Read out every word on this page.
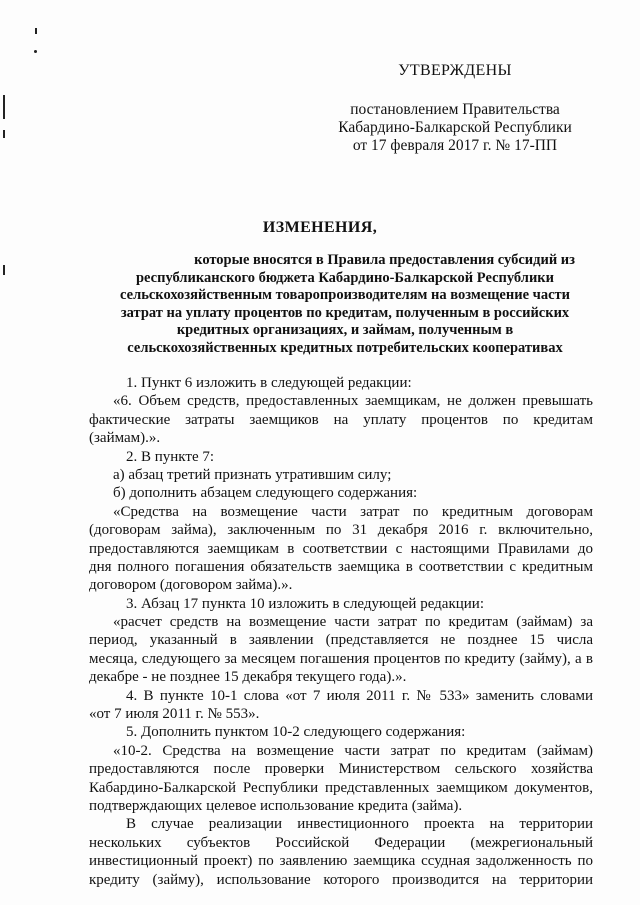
УТВЕРЖДЕНЫ
постановлением Правительства
Кабардино-Балкарской Республики
от 17 февраля 2017 г. № 17-ПП
ИЗМЕНЕНИЯ,
которые вносятся в Правила предоставления субсидий из
республиканского бюджета Кабардино-Балкарской Республики
сельскохозяйственным товаропроизводителям на возмещение части
затрат на уплату процентов по кредитам, полученным в российских
кредитных организациях, и займам, полученным в
сельскохозяйственных кредитных потребительских кооперативах
1. Пункт 6 изложить в следующей редакции:
«6. Объем средств, предоставленных заемщикам, не должен превышать
фактические затраты заемщиков на уплату процентов по кредитам
(займам).».
2. В пункте 7:
а) абзац третий признать утратившим силу;
б) дополнить абзацем следующего содержания:
«Средства на возмещение части затрат по кредитным договорам
(договорам займа), заключенным по 31 декабря 2016 г. включительно,
предоставляются заемщикам в соответствии с настоящими Правилами до
дня полного погашения обязательств заемщика в соответствии с кредитным
договором (договором займа).».
3. Абзац 17 пункта 10 изложить в следующей редакции:
«расчет средств на возмещение части затрат по кредитам (займам) за
период, указанный в заявлении (представляется не позднее 15 числа
месяца, следующего за месяцем погашения процентов по кредиту (займу), а в
декабре - не позднее 15 декабря текущего года).».
4. В пункте 10-1 слова «от 7 июля 2011 г. № 533» заменить словами
«от 7 июля 2011 г. № 553».
5. Дополнить пунктом 10-2 следующего содержания:
«10-2. Средства на возмещение части затрат по кредитам (займам)
предоставляются после проверки Министерством сельского хозяйства
Кабардино-Балкарской Республики представленных заемщиком документов,
подтверждающих целевое использование кредита (займа).
В случае реализации инвестиционного проекта на территории
нескольких субъектов Российской Федерации (межрегиональный
инвестиционный проект) по заявлению заемщика ссудная задолженность по
кредиту (займу), использование которого производится на территории
